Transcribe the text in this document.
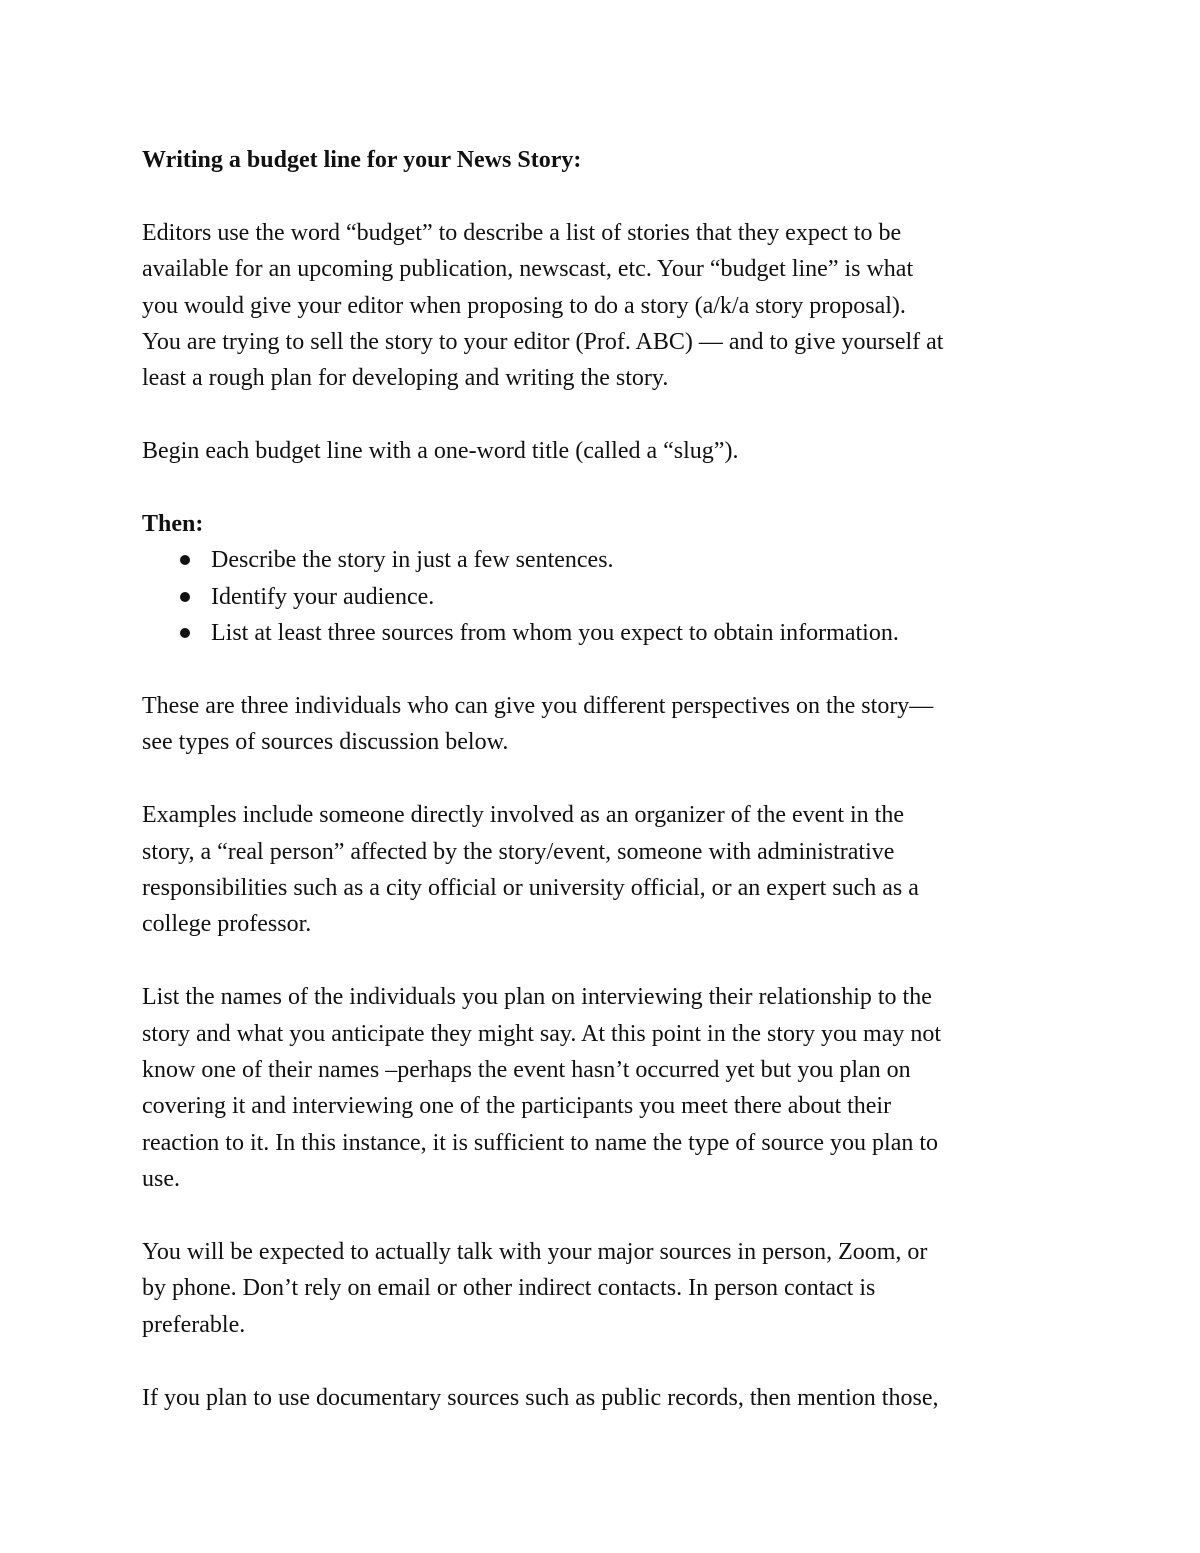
Writing a budget line for your News Story:
Editors use the word “budget” to describe a list of stories that they expect to be
available for an upcoming publication, newscast, etc. Your “budget line” is what
you would give your editor when proposing to do a story (a/k/a story proposal).
You are trying to sell the story to your editor (Prof. ABC) — and to give yourself at
least a rough plan for developing and writing the story.
Begin each budget line with a one-word title (called a “slug”).
Then:
Describe the story in just a few sentences.
Identify your audience.
List at least three sources from whom you expect to obtain information.
These are three individuals who can give you different perspectives on the story—
see types of sources discussion below.
Examples include someone directly involved as an organizer of the event in the
story, a “real person” affected by the story/event, someone with administrative
responsibilities such as a city official or university official, or an expert such as a
college professor.
List the names of the individuals you plan on interviewing their relationship to the
story and what you anticipate they might say. At this point in the story you may not
know one of their names –perhaps the event hasn’t occurred yet but you plan on
covering it and interviewing one of the participants you meet there about their
reaction to it. In this instance, it is sufficient to name the type of source you plan to
use.
You will be expected to actually talk with your major sources in person, Zoom, or
by phone. Don’t rely on email or other indirect contacts. In person contact is
preferable.
If you plan to use documentary sources such as public records, then mention those,
